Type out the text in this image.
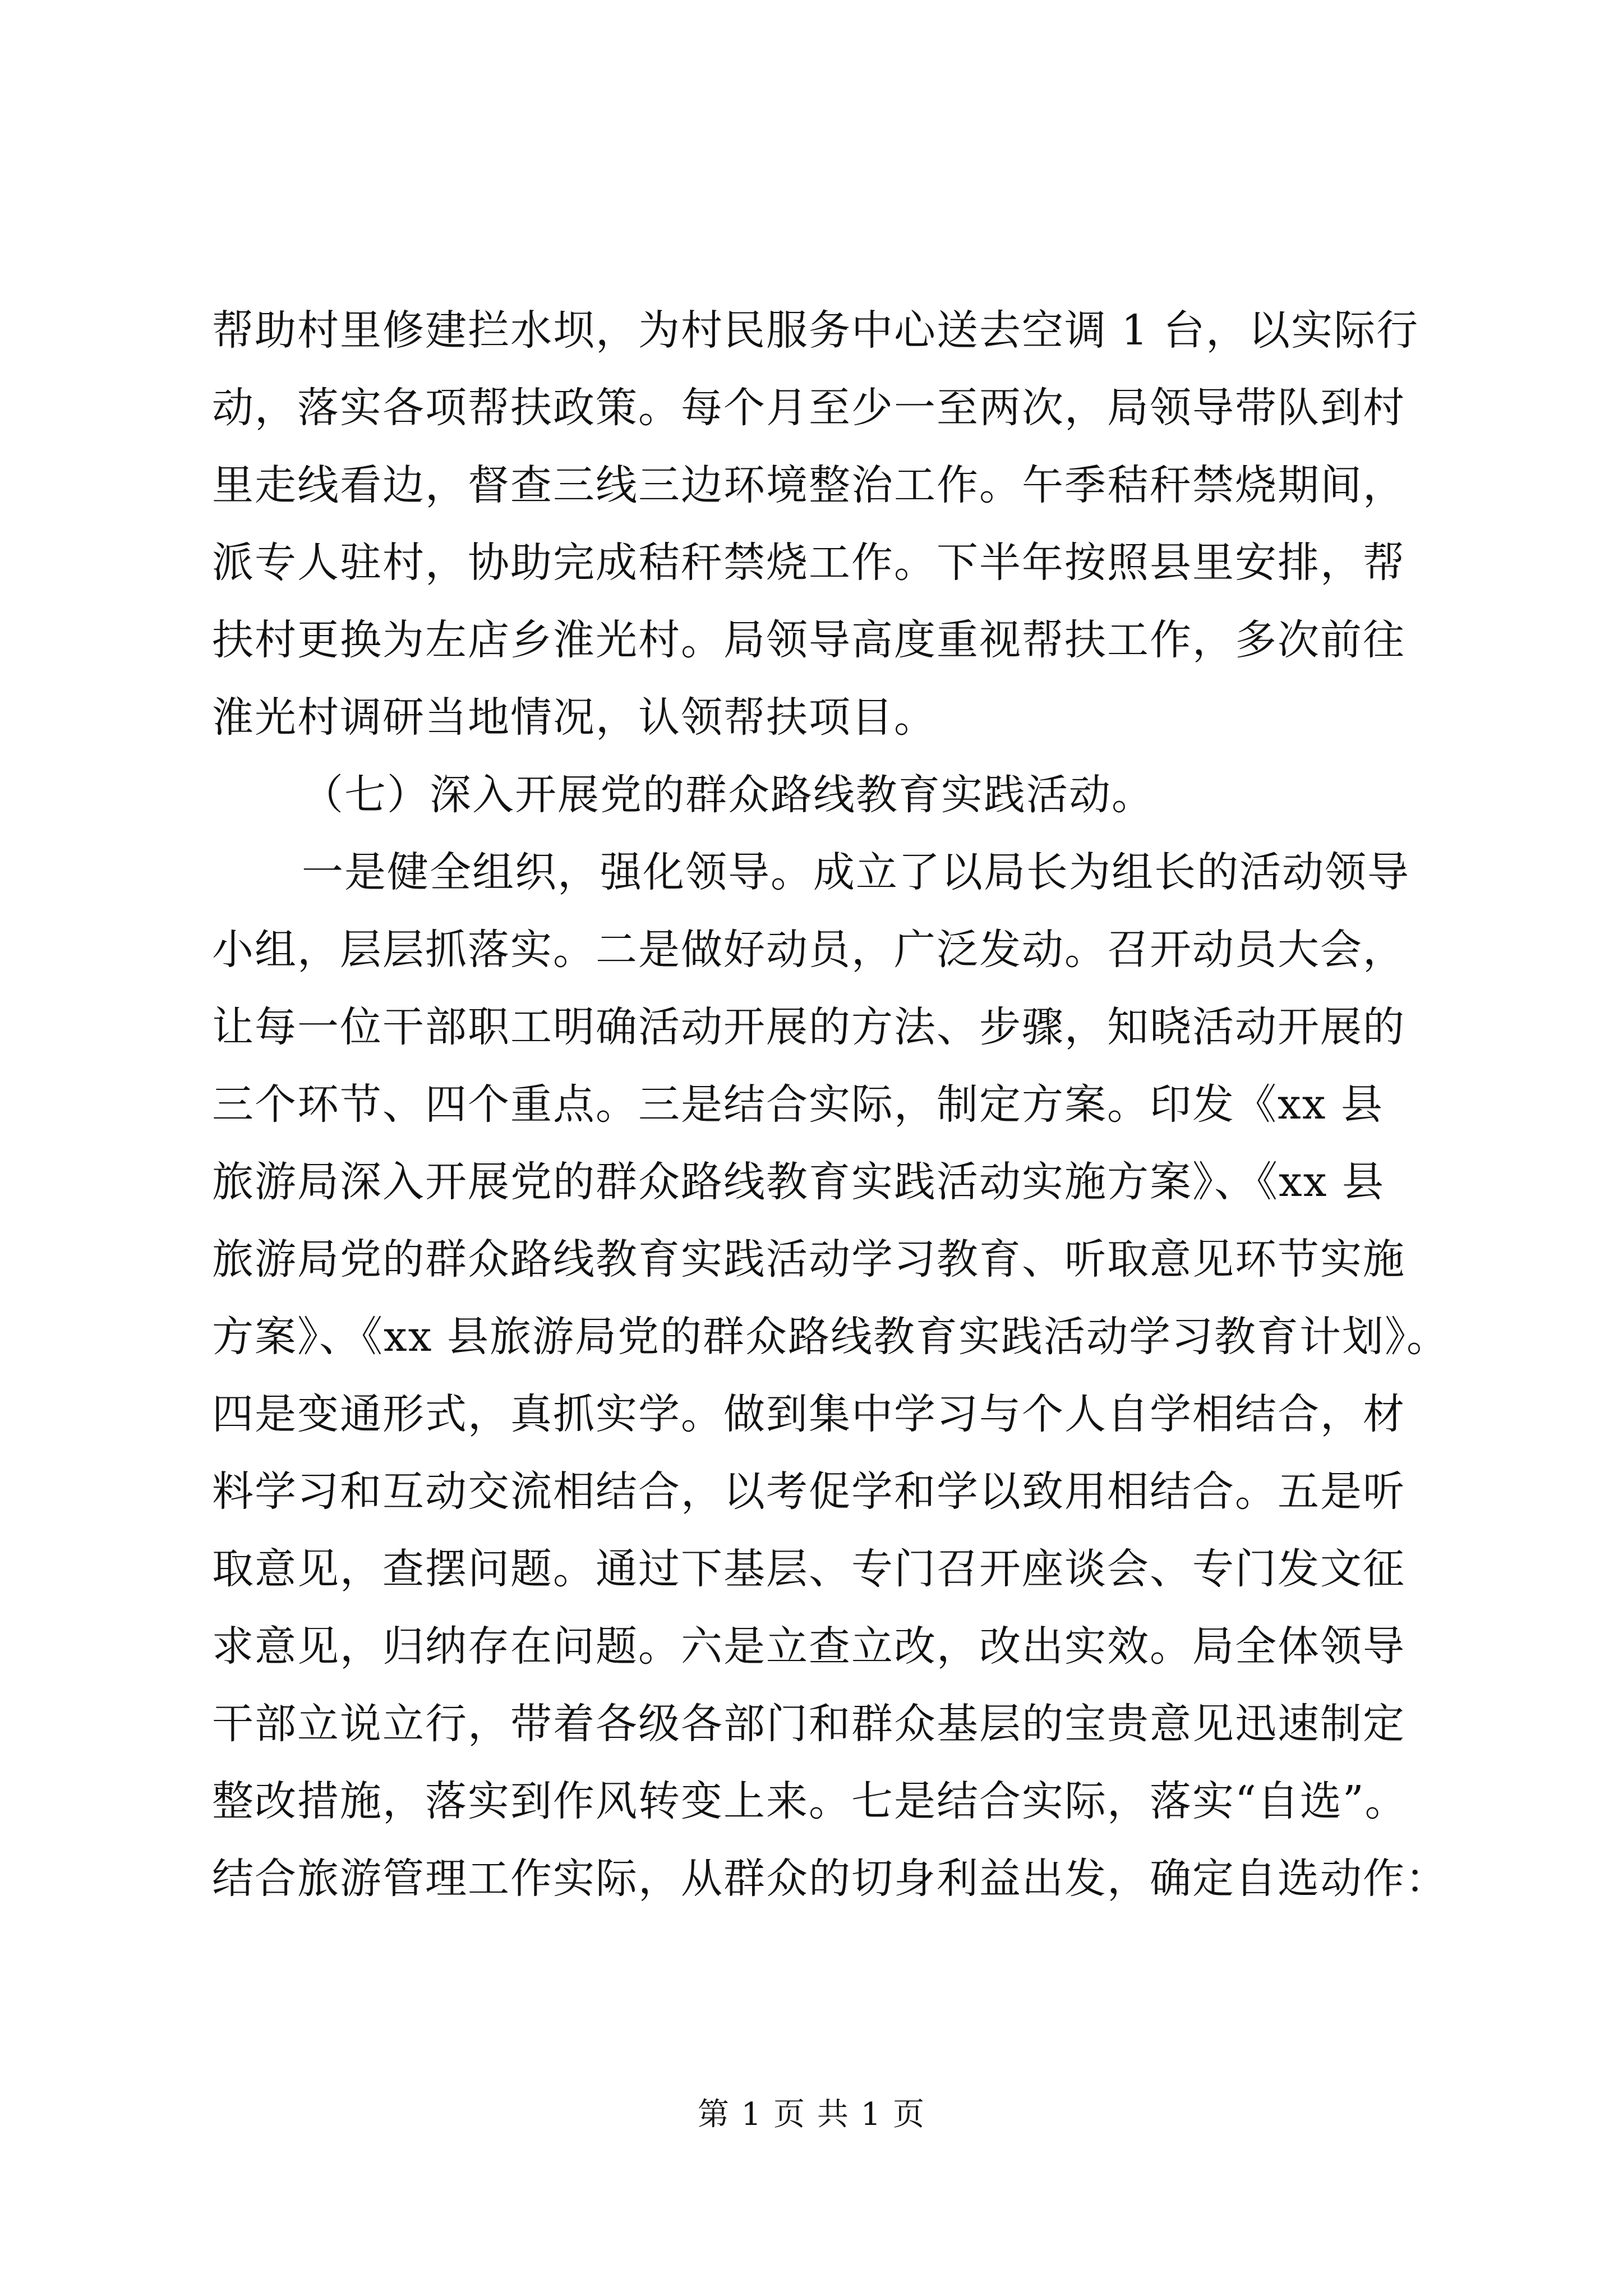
帮助村里修建拦水坝，为村民服务中心送去空调 1 台，以实际行
动，落实各项帮扶政策。每个月至少一至两次，局领导带队到村
里走线看边，督查三线三边环境整治工作。午季秸秆禁烧期间，
派专人驻村，协助完成秸秆禁烧工作。下半年按照县里安排，帮
扶村更换为左店乡淮光村。局领导高度重视帮扶工作，多次前往
淮光村调研当地情况，认领帮扶项目。
（七）深入开展党的群众路线教育实践活动。
一是健全组织，强化领导。成立了以局长为组长的活动领导
小组，层层抓落实。二是做好动员，广泛发动。召开动员大会，
让每一位干部职工明确活动开展的方法、步骤，知晓活动开展的
三个环节、四个重点。三是结合实际，制定方案。印发《xx 县
旅游局深入开展党的群众路线教育实践活动实施方案》、《xx 县
旅游局党的群众路线教育实践活动学习教育、听取意见环节实施
方案》、《xx 县旅游局党的群众路线教育实践活动学习教育计划》。
四是变通形式，真抓实学。做到集中学习与个人自学相结合，材
料学习和互动交流相结合，以考促学和学以致用相结合。五是听
取意见，查摆问题。通过下基层、专门召开座谈会、专门发文征
求意见，归纳存在问题。六是立查立改，改出实效。局全体领导
干部立说立行，带着各级各部门和群众基层的宝贵意见迅速制定
整改措施，落实到作风转变上来。七是结合实际，落实“自选”。
结合旅游管理工作实际，从群众的切身利益出发，确定自选动作：
第 1 页 共 1 页
